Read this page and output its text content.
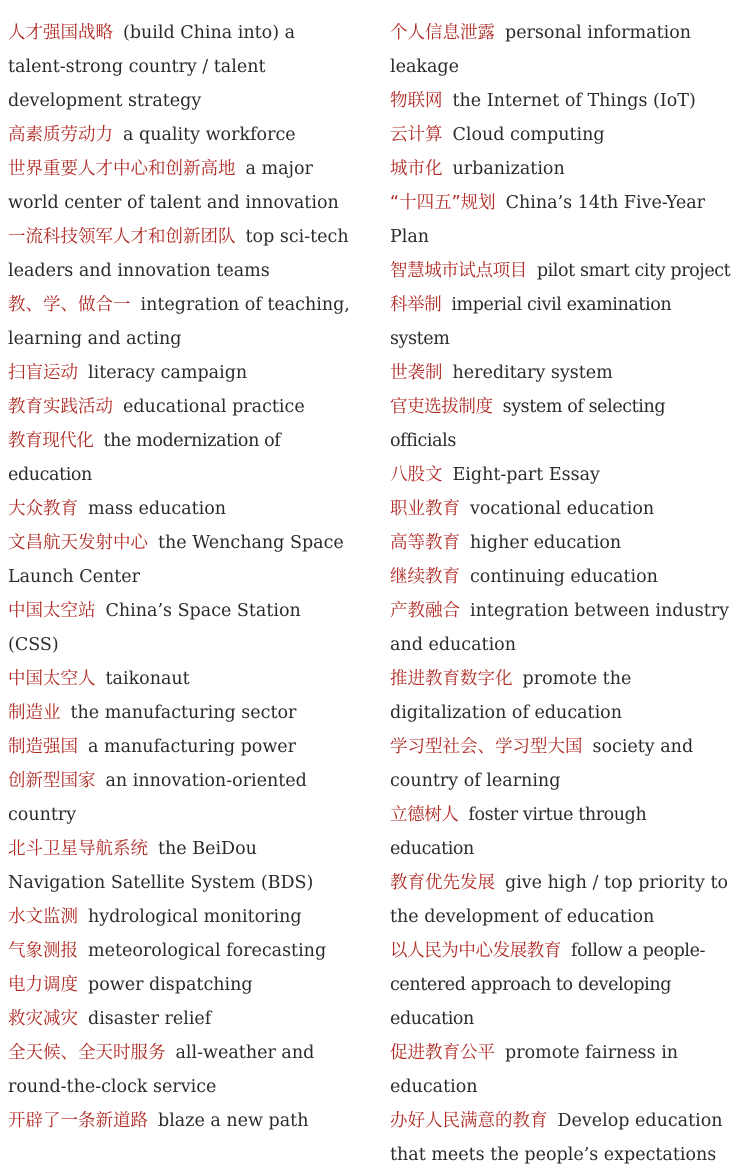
人才强国战略 (build China into) a talent-strong country / talent development strategy

高素质劳动力 a quality workforce

世界重要人才中心和创新高地 a major world center of talent and innovation

一流科技领军人才和创新团队 top sci-tech leaders and innovation teams

教、学、做合一 integration of teaching, learning and acting

扫盲运动 literacy campaign

教育实践活动 educational practice

教育现代化 the modernization of education

大众教育 mass education

文昌航天发射中心 the Wenchang Space Launch Center

中国太空站 China’s Space Station (CSS)

中国太空人 taikonaut

制造业 the manufacturing sector

制造强国 a manufacturing power

创新型国家 an innovation-oriented country

北斗卫星导航系统 the BeiDou Navigation Satellite System (BDS)

水文监测 hydrological monitoring

气象测报 meteorological forecasting

电力调度 power dispatching

救灾减灾 disaster relief

全天候、全天时服务 all-weather and round-the-clock service

开辟了一条新道路 blaze a new path

个人信息泄露 personal information leakage

物联网 the Internet of Things (IoT)

云计算 Cloud computing

城市化 urbanization

“十四五”规划 China’s 14th Five-Year Plan

智慧城市试点项目 pilot smart city project

科举制 imperial civil examination system

世袭制 hereditary system

官吏选拔制度 system of selecting officials

八股文 Eight-part Essay

职业教育 vocational education

高等教育 higher education

继续教育 continuing education

产教融合 integration between industry and education

推进教育数字化 promote the digitalization of education

学习型社会、学习型大国 society and country of learning

立德树人 foster virtue through education

教育优先发展 give high / top priority to the development of education

以人民为中心发展教育 follow a people-centered approach to developing education

促进教育公平 promote fairness in education

办好人民满意的教育 Develop education that meets the people’s expectations
